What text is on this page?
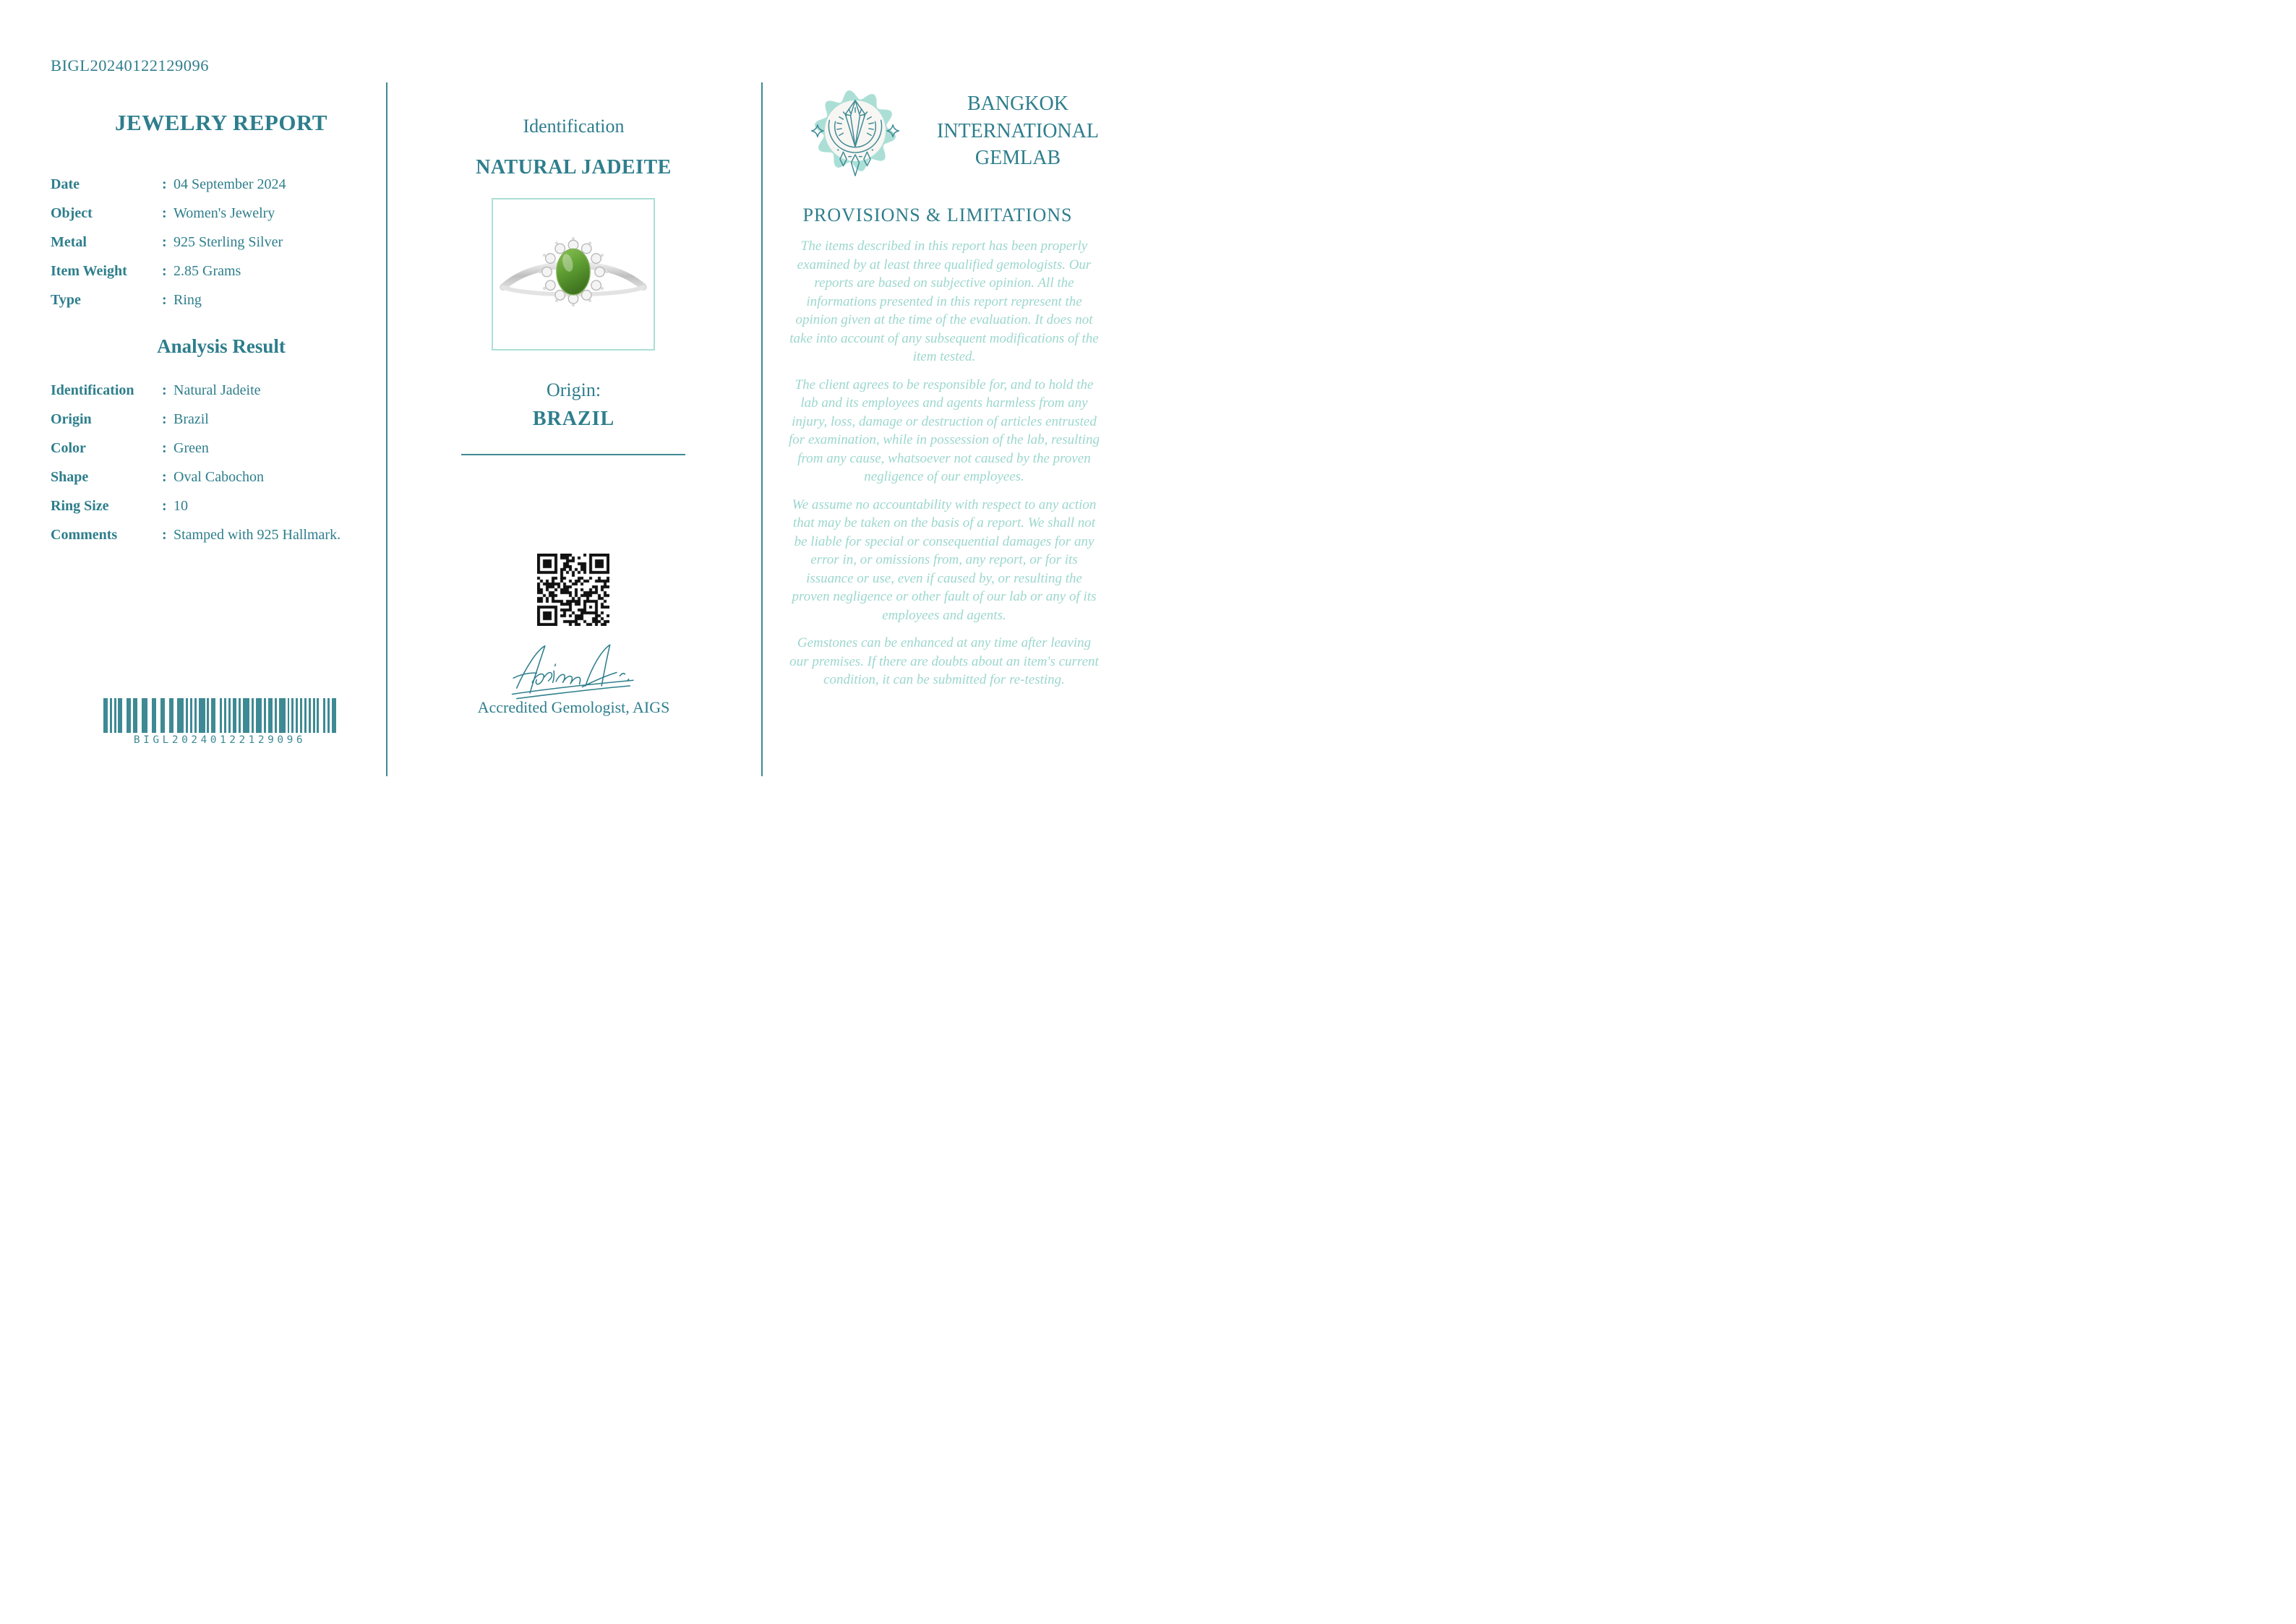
BIGL20240122129096
JEWELRY REPORT
Date	: 04 September 2024
Object	: Women's Jewelry
Metal	: 925 Sterling Silver
Item Weight	: 2.85 Grams
Type	: Ring
Analysis Result
Identification	: Natural Jadeite
Origin	: Brazil
Color	: Green
Shape	: Oval Cabochon
Ring Size	: 10
Comments	: Stamped with 925 Hallmark.
BIGL20240122129096
Identification
NATURAL JADEITE
Origin:
BRAZIL
Accredited Gemologist, AIGS
BANGKOK
INTERNATIONAL
GEMLAB
PROVISIONS & LIMITATIONS

The items described in this report has been properly examined by at least three qualified gemologists. Our reports are based on subjective opinion. All the informations presented in this report represent the opinion given at the time of the evaluation. It does not take into account of any subsequent modifications of the item tested.

The client agrees to be responsible for, and to hold the lab and its employees and agents harmless from any injury, loss, damage or destruction of articles entrusted for examination, while in possession of the lab, resulting from any cause, whatsoever not caused by the proven negligence of our employees.

We assume no accountability with respect to any action that may be taken on the basis of a report. We shall not be liable for special or consequential damages for any error in, or omissions from, any report, or for its issuance or use, even if caused by, or resulting the proven negligence or other fault of our lab or any of its employees and agents.

Gemstones can be enhanced at any time after leaving our premises. If there are doubts about an item's current condition, it can be submitted for re-testing.
